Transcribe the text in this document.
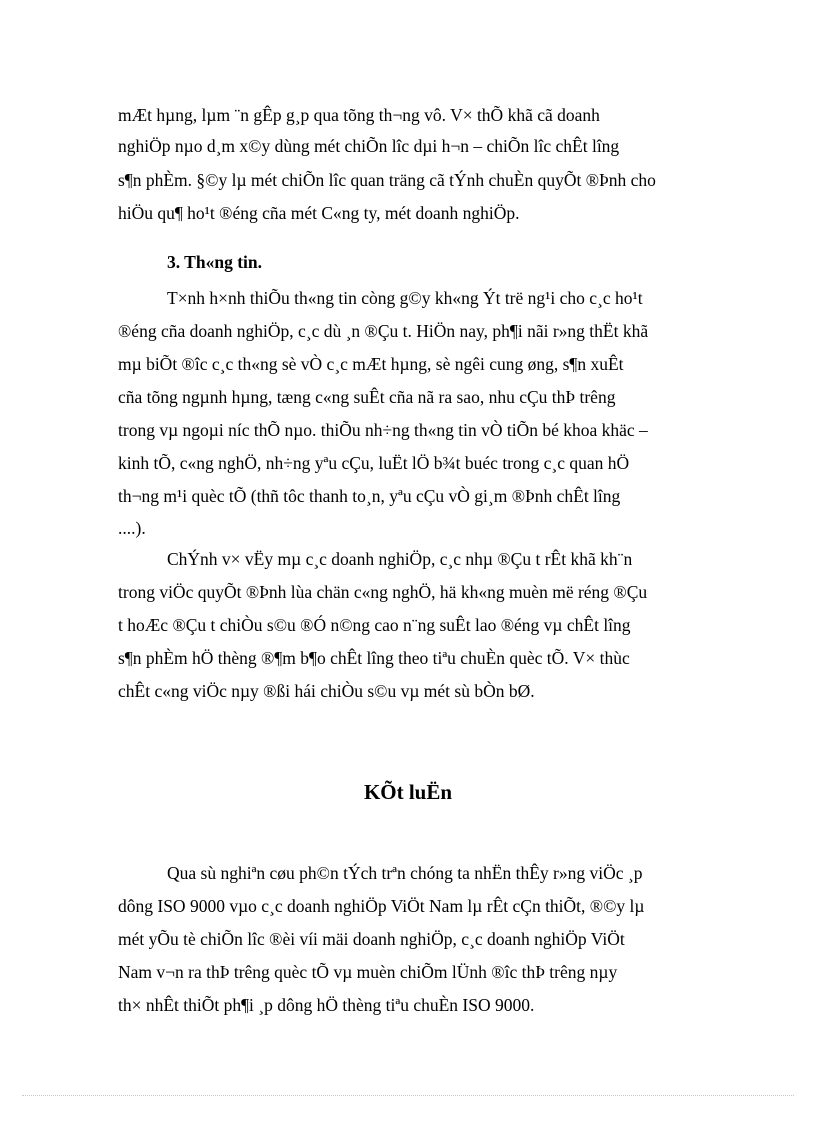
mÆt hµng, lµm ¨n gÊp g¸p qua tõng th¬ng vô. V× thÕ khã cã doanh
nghiÖp nµo d¸m x©y dùng mét chiÕn lîc dµi h¬n – chiÕn lîc chÊt lîng
s¶n phÈm. §©y lµ mét chiÕn lîc quan träng cã tÝnh chuÈn quyÕt ®Þnh cho
hiÖu qu¶ ho¹t ®éng cña mét C«ng ty, mét doanh nghiÖp.
3. Th«ng tin.
T×nh h×nh thiÕu th«ng tin còng g©y kh«ng Ýt trë ng¹i cho c¸c ho¹t
®éng cña doanh nghiÖp, c¸c dù ¸n ®Çu t. HiÖn nay, ph¶i nãi r»ng thËt khã
mµ biÕt ®îc c¸c th«ng sè vÒ c¸c mÆt hµng, sè ngêi cung øng, s¶n xuÊt
cña tõng ngµnh hµng, tæng c«ng suÊt cña nã ra sao, nhu cÇu thÞ trêng
trong vµ ngoµi níc thÕ nµo. thiÕu nh÷ng th«ng tin vÒ tiÕn bé khoa khäc –
kinh tÕ, c«ng nghÖ, nh÷ng yªu cÇu, luËt lÖ b¾t buéc trong c¸c quan hÖ
th¬ng m¹i quèc tÕ (thñ tôc thanh to¸n, yªu cÇu vÒ gi¸m ®Þnh chÊt lîng
....).
ChÝnh v× vËy mµ c¸c doanh nghiÖp, c¸c nhµ ®Çu t rÊt khã kh¨n
trong viÖc quyÕt ®Þnh lùa chän c«ng nghÖ, hä kh«ng muèn më réng ®Çu
t hoÆc ®Çu t chiÒu s©u ®Ó n©ng cao n¨ng suÊt lao ®éng vµ chÊt lîng
s¶n phÈm hÖ thèng ®¶m b¶o chÊt lîng theo tiªu chuÈn quèc tÕ. V× thùc
chÊt c«ng viÖc nµy ®ßi hái chiÒu s©u vµ mét sù bÒn bØ.
KÕt luËn
Qua sù nghiªn cøu ph©n tÝch trªn chóng ta nhËn thÊy r»ng viÖc ¸p
dông ISO 9000 vµo c¸c doanh nghiÖp ViÖt Nam lµ rÊt cÇn thiÕt, ®©y lµ
mét yÕu tè chiÕn lîc ®èi víi mäi doanh nghiÖp, c¸c doanh nghiÖp ViÖt
Nam v¬n ra thÞ trêng quèc tÕ vµ muèn chiÕm lÜnh ®îc thÞ trêng nµy
th× nhÊt thiÕt ph¶i ¸p dông hÖ thèng tiªu chuÈn ISO 9000.
